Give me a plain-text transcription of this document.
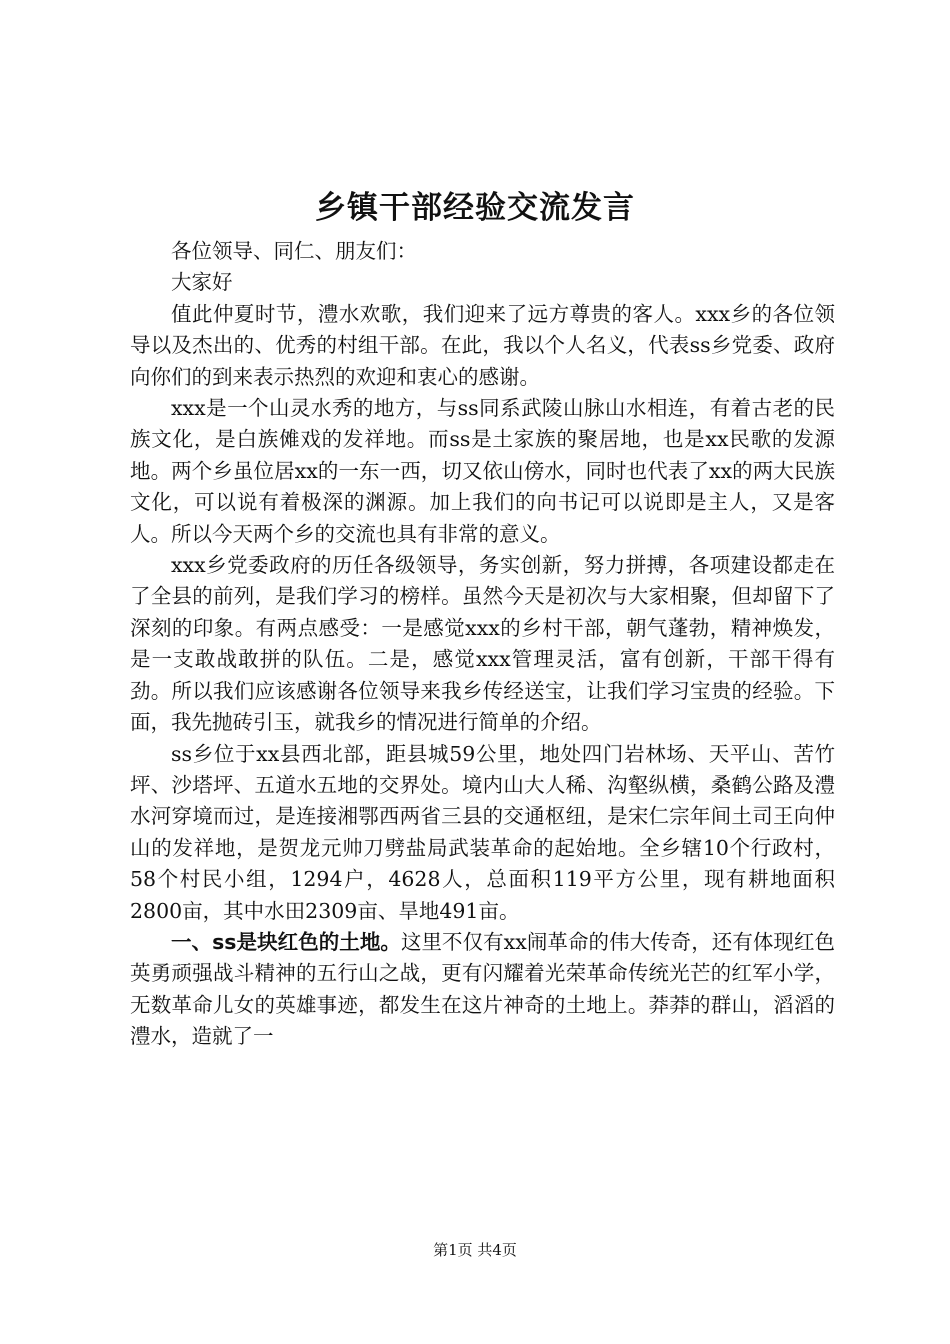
乡镇干部经验交流发言

各位领导、同仁、朋友们：

大家好

值此仲夏时节，澧水欢歌，我们迎来了远方尊贵的客人。xxx乡的各位领导以及杰出的、优秀的村组干部。在此，我以个人名义，代表ss乡党委、政府向你们的到来表示热烈的欢迎和衷心的感谢。

xxx是一个山灵水秀的地方，与ss同系武陵山脉山水相连，有着古老的民族文化，是白族傩戏的发祥地。而ss是土家族的聚居地，也是xx民歌的发源地。两个乡虽位居xx的一东一西，切又依山傍水，同时也代表了xx的两大民族文化，可以说有着极深的渊源。加上我们的向书记可以说即是主人，又是客人。所以今天两个乡的交流也具有非常的意义。

xxx乡党委政府的历任各级领导，务实创新，努力拼搏，各项建设都走在了全县的前列，是我们学习的榜样。虽然今天是初次与大家相聚，但却留下了深刻的印象。有两点感受：一是感觉xxx的乡村干部，朝气蓬勃，精神焕发，是一支敢战敢拼的队伍。二是，感觉xxx管理灵活，富有创新，干部干得有劲。所以我们应该感谢各位领导来我乡传经送宝，让我们学习宝贵的经验。下面，我先抛砖引玉，就我乡的情况进行简单的介绍。

ss乡位于xx县西北部，距县城59公里，地处四门岩林场、天平山、苦竹坪、沙塔坪、五道水五地的交界处。境内山大人稀、沟壑纵横，桑鹤公路及澧水河穿境而过，是连接湘鄂西两省三县的交通枢纽，是宋仁宗年间土司王向仲山的发祥地，是贺龙元帅刀劈盐局武装革命的起始地。全乡辖10个行政村，58个村民小组，1294户，4628人，总面积119平方公里，现有耕地面积2800亩，其中水田2309亩、旱地491亩。

一、ss是块红色的土地。这里不仅有xx闹革命的伟大传奇，还有体现红色英勇顽强战斗精神的五行山之战，更有闪耀着光荣革命传统光芒的红军小学，无数革命儿女的英雄事迹，都发生在这片神奇的土地上。莽莽的群山，滔滔的澧水，造就了一

第1页 共4页
